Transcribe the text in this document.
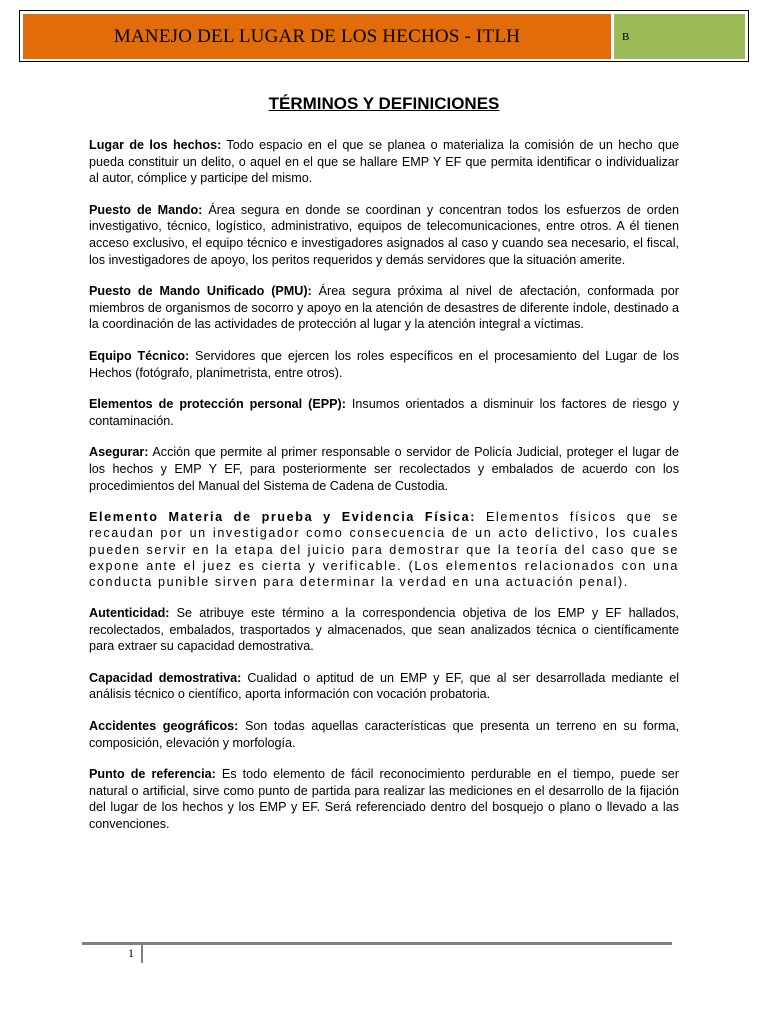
MANEJO DEL LUGAR DE LOS HECHOS - ITLH	B
TÉRMINOS Y DEFINICIONES

Lugar de los hechos: Todo espacio en el que se planea o materializa la comisión de un hecho que pueda constituir un delito, o aquel en el que se hallare EMP Y EF que permita identificar o individualizar al autor, cómplice y participe del mismo.

Puesto de Mando: Área segura en donde se coordinan y concentran todos los esfuerzos de orden investigativo, técnico, logístico, administrativo, equipos de telecomunicaciones, entre otros. A él tienen acceso exclusivo, el equipo técnico e investigadores asignados al caso y cuando sea necesario, el fiscal, los investigadores de apoyo, los peritos requeridos y demás servidores que la situación amerite.

Puesto de Mando Unificado (PMU): Área segura próxima al nivel de afectación, conformada por miembros de organismos de socorro y apoyo en la atención de desastres de diferente índole, destinado a la coordinación de las actividades de protección al lugar y la atención integral a víctimas.

Equipo Técnico: Servidores que ejercen los roles específicos en el procesamiento del Lugar de los Hechos (fotógrafo, planimetrista, entre otros).

Elementos de protección personal (EPP): Insumos orientados a disminuir los factores de riesgo y contaminación.

Asegurar: Acción que permite al primer responsable o servidor de Policía Judicial, proteger el lugar de los hechos y EMP Y EF, para posteriormente ser recolectados y embalados de acuerdo con los procedimientos del Manual del Sistema de Cadena de Custodia.

Elemento Materia de prueba y Evidencia Física: Elementos físicos que se recaudan por un investigador como consecuencia de un acto delictivo, los cuales pueden servir en la etapa del juicio para demostrar que la teoría del caso que se expone ante el juez es cierta y verificable. (Los elementos relacionados con una conducta punible sirven para determinar la verdad en una actuación penal).

Autenticidad: Se atribuye este término a la correspondencia objetiva de los EMP y EF hallados, recolectados, embalados, trasportados y almacenados, que sean analizados técnica o científicamente para extraer su capacidad demostrativa.

Capacidad demostrativa: Cualidad o aptitud de un EMP y EF, que al ser desarrollada mediante el análisis técnico o científico, aporta información con vocación probatoria.

Accidentes geográficos: Son todas aquellas características que presenta un terreno en su forma, composición, elevación y morfología.

Punto de referencia: Es todo elemento de fácil reconocimiento perdurable en el tiempo, puede ser natural o artificial, sirve como punto de partida para realizar las mediciones en el desarrollo de la fijación del lugar de los hechos y los EMP y EF. Será referenciado dentro del bosquejo o plano o llevado a las convenciones.

1
